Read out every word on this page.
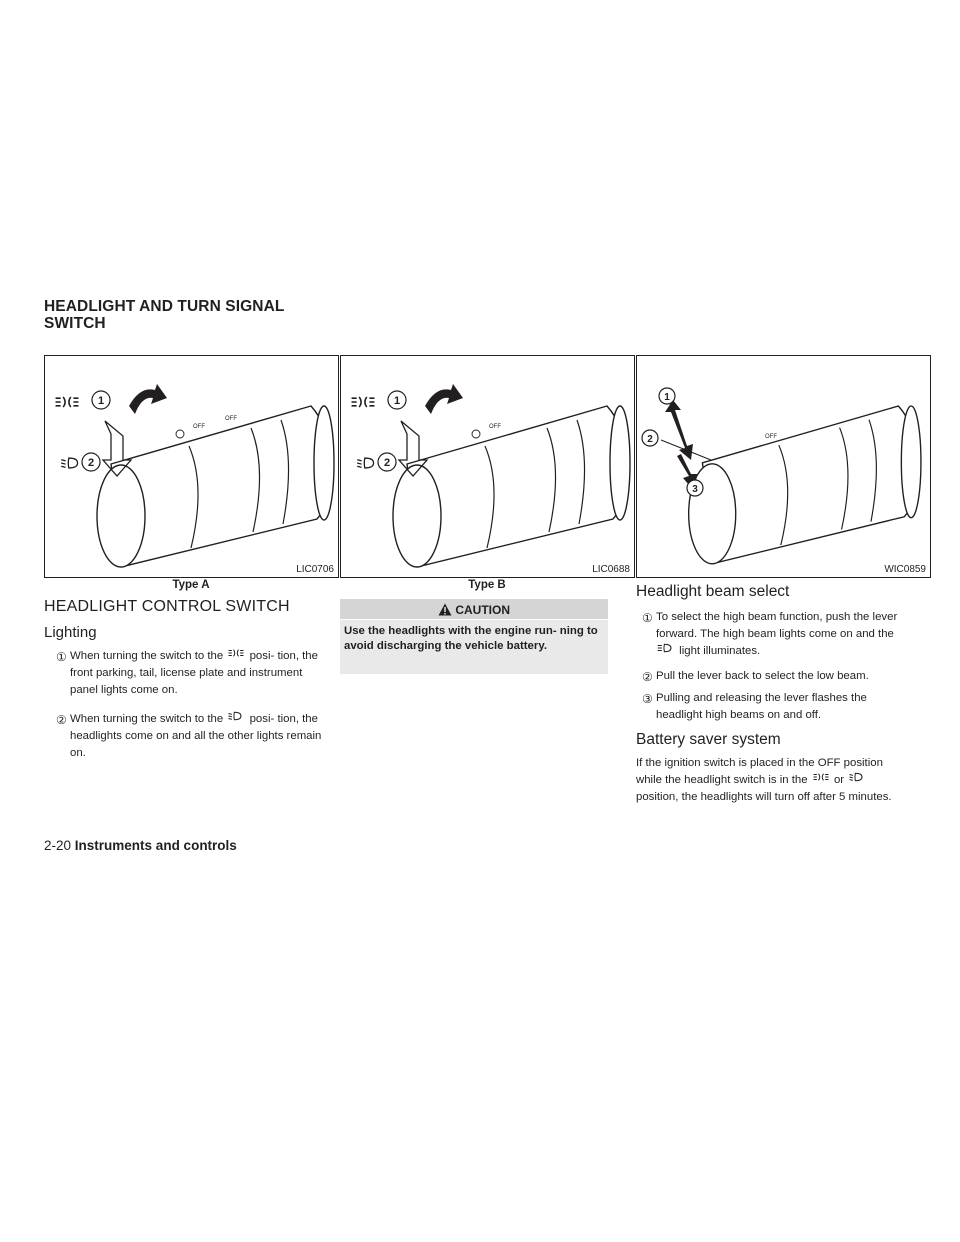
HEADLIGHT AND TURN SIGNAL
SWITCH
1
2
OFF
OFF
LIC0706
Type A
1
2
OFF
LIC0688
Type B
1
2
3
OFF
WIC0859
HEADLIGHT CONTROL SWITCH
Lighting
① When turning the switch to the posi- tion, the front parking, tail, license plate and instrument panel lights come on.
② When turning the switch to the posi- tion, the headlights come on and all the other lights remain on.
CAUTION
Use the headlights with the engine run- ning to avoid discharging the vehicle battery.
Headlight beam select
① To select the high beam function, push the lever forward. The high beam lights come on and the  light illuminates.
② Pull the lever back to select the low beam.
③ Pulling and releasing the lever flashes the headlight high beams on and off.
Battery saver system
If the ignition switch is placed in the OFF position while the headlight switch is in the or  position, the headlights will turn off after 5 minutes.
2-20 Instruments and controls
